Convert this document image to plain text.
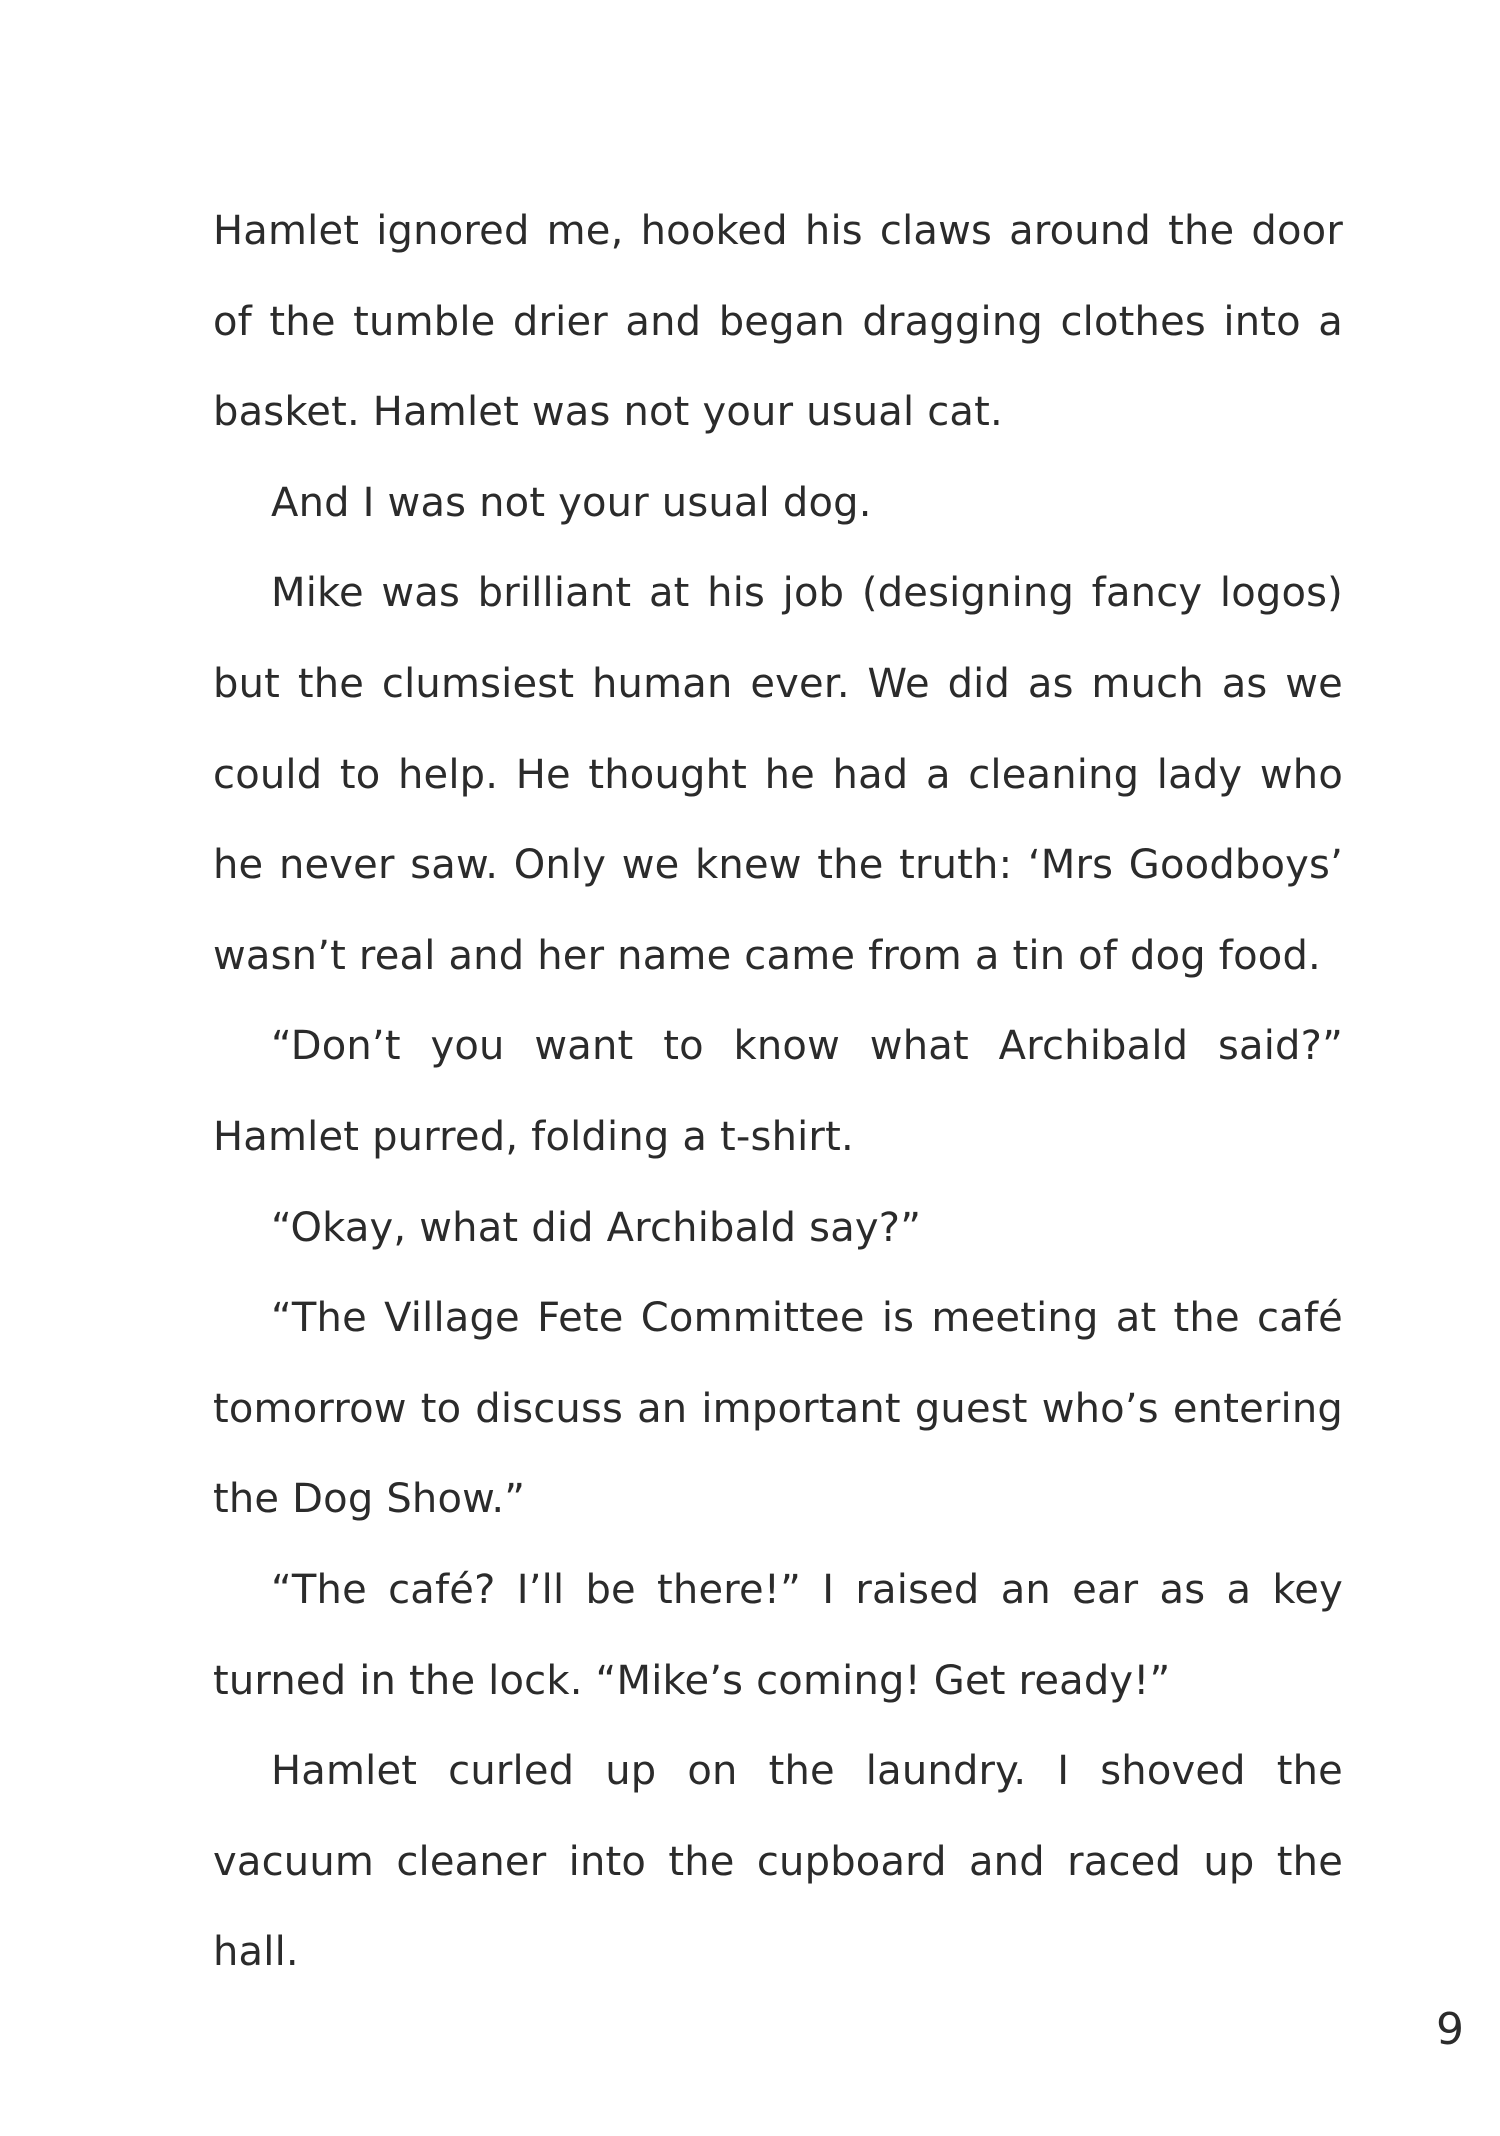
Hamlet ignored me, hooked his claws around the door of the tumble drier and began dragging clothes into a basket. Hamlet was not your usual cat.

And I was not your usual dog.

Mike was brilliant at his job (designing fancy logos) but the clumsiest human ever. We did as much as we could to help. He thought he had a cleaning lady who he never saw. Only we knew the truth: ‘Mrs Goodboys’ wasn’t real and her name came from a tin of dog food.

“Don’t you want to know what Archibald said?” Hamlet purred, folding a t-shirt.

“Okay, what did Archibald say?”

“The Village Fete Committee is meeting at the café tomorrow to discuss an important guest who’s entering the Dog Show.”

“The café? I’ll be there!” I raised an ear as a key turned in the lock. “Mike’s coming! Get ready!”

Hamlet curled up on the laundry. I shoved the vacuum cleaner into the cupboard and raced up the hall.

9
